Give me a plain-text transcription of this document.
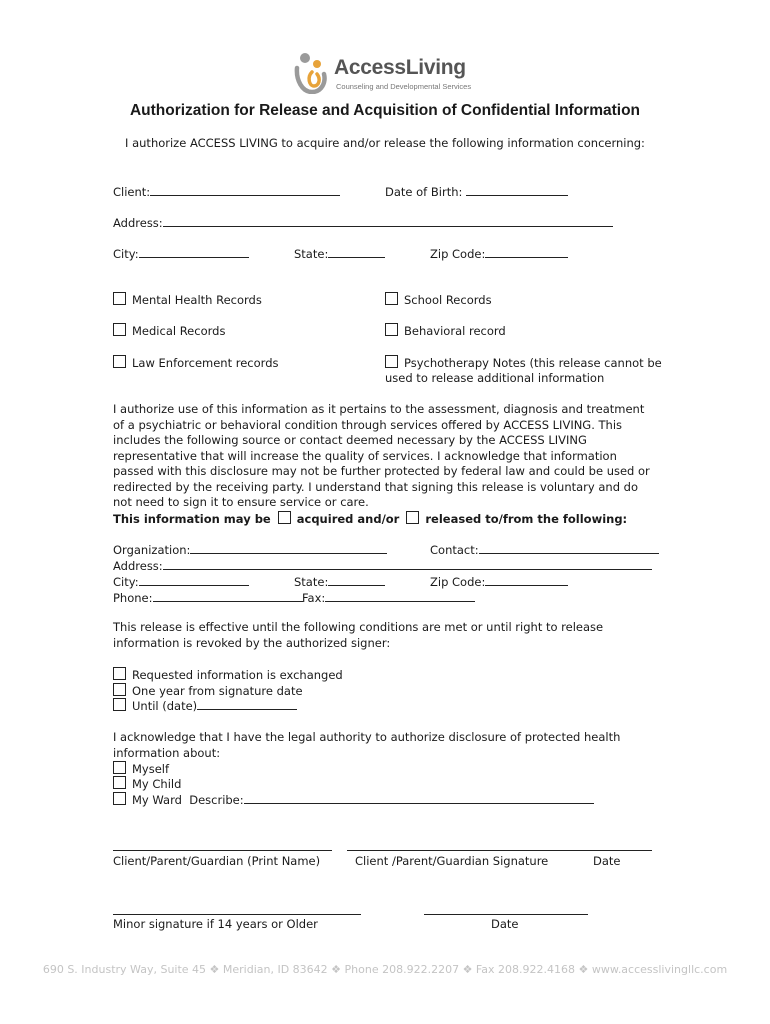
AccessLiving
Counseling and Developmental Services
Authorization for Release and Acquisition of Confidential Information
I authorize ACCESS LIVING to acquire and/or release the following information concerning:
Client:	Date of Birth:
Address:
City:	State:	Zip Code:
Mental Health Records	School Records
Medical Records	Behavioral record
Law Enforcement records	Psychotherapy Notes (this release cannot be
used to release additional information
I authorize use of this information as it pertains to the assessment, diagnosis and treatment of a psychiatric or behavioral condition through services offered by ACCESS LIVING. This includes the following source or contact deemed necessary by the ACCESS LIVING representative that will increase the quality of services. I acknowledge that information passed with this disclosure may not be further protected by federal law and could be used or redirected by the receiving party. I understand that signing this release is voluntary and do not need to sign it to ensure service or care.
This information may be acquired and/or released to/from the following:
Organization:	Contact:
Address:
City:	State:	Zip Code:
Phone:	Fax:
This release is effective until the following conditions are met or until right to release information is revoked by the authorized signer:
Requested information is exchanged
One year from signature date
Until (date)
I acknowledge that I have the legal authority to authorize disclosure of protected health information about:
Myself
My Child
My Ward Describe:
Client/Parent/Guardian (Print Name)	Client /Parent/Guardian Signature	Date
Minor signature if 14 years or Older	Date
690 S. Industry Way, Suite 45 ❖ Meridian, ID 83642 ❖ Phone 208.922.2207 ❖ Fax 208.922.4168 ❖ www.accesslivingllc.com
